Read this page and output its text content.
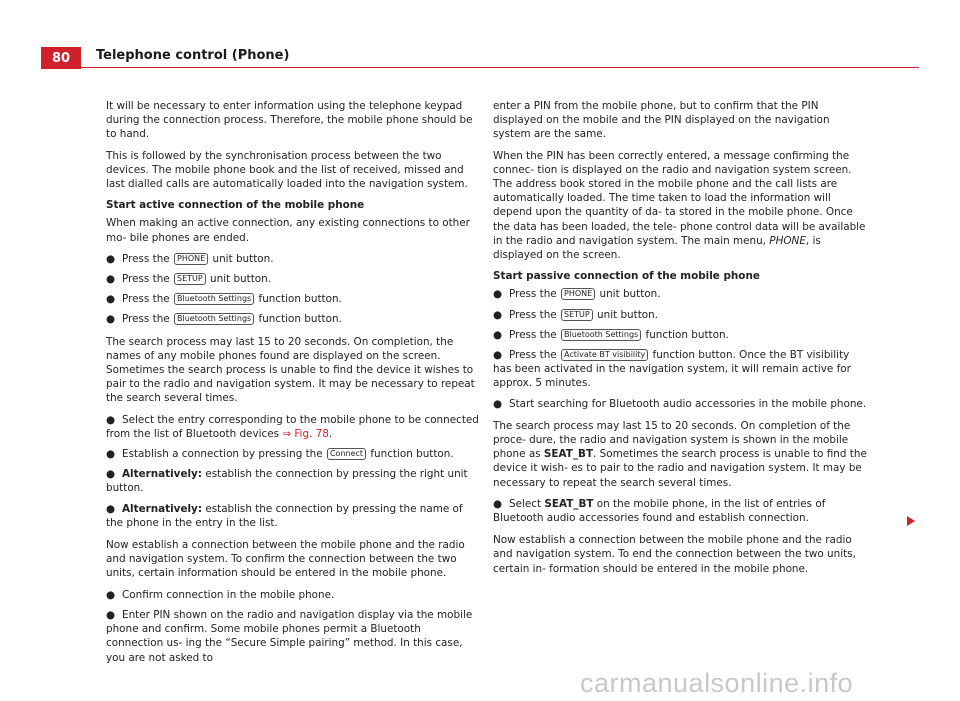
80	Telephone control (Phone)

It will be necessary to enter information using the telephone keypad during the connection process. Therefore, the mobile phone should be to hand.

This is followed by the synchronisation process between the two devices. The mobile phone book and the list of received, missed and last dialled calls are automatically loaded into the navigation system.

Start active connection of the mobile phone

When making an active connection, any existing connections to other mo- bile phones are ended.

● Press the PHONE unit button.
● Press the SETUP unit button.
● Press the Bluetooth Settings function button.
● Press the Bluetooth Settings function button.

The search process may last 15 to 20 seconds. On completion, the names of any mobile phones found are displayed on the screen. Sometimes the search process is unable to find the device it wishes to pair to the radio and navigation system. It may be necessary to repeat the search several times.

● Select the entry corresponding to the mobile phone to be connected from the list of Bluetooth devices ⇒ Fig. 78.
● Establish a connection by pressing the Connect function button.
● Alternatively: establish the connection by pressing the right unit button.
● Alternatively: establish the connection by pressing the name of the phone in the entry in the list.

Now establish a connection between the mobile phone and the radio and navigation system. To confirm the connection between the two units, certain information should be entered in the mobile phone.

● Confirm connection in the mobile phone.
● Enter PIN shown on the radio and navigation display via the mobile phone and confirm. Some mobile phones permit a Bluetooth connection us- ing the “Secure Simple pairing” method. In this case, you are not asked to

enter a PIN from the mobile phone, but to confirm that the PIN displayed on the mobile and the PIN displayed on the navigation system are the same.

When the PIN has been correctly entered, a message confirming the connec- tion is displayed on the radio and navigation system screen. The address book stored in the mobile phone and the call lists are automatically loaded. The time taken to load the information will depend upon the quantity of da- ta stored in the mobile phone. Once the data has been loaded, the tele- phone control data will be available in the radio and navigation system. The main menu, PHONE, is displayed on the screen.

Start passive connection of the mobile phone

● Press the PHONE unit button.
● Press the SETUP unit button.
● Press the Bluetooth Settings function button.
● Press the Activate BT visibility function button. Once the BT visibility has been activated in the navigation system, it will remain active for approx. 5 minutes.
● Start searching for Bluetooth audio accessories in the mobile phone.

The search process may last 15 to 20 seconds. On completion of the proce- dure, the radio and navigation system is shown in the mobile phone as SEAT_BT. Sometimes the search process is unable to find the device it wish- es to pair to the radio and navigation system. It may be necessary to repeat the search several times.

● Select SEAT_BT on the mobile phone, in the list of entries of Bluetooth audio accessories found and establish connection.

Now establish a connection between the mobile phone and the radio and navigation system. To end the connection between the two units, certain in- formation should be entered in the mobile phone.

carmanualsonline.info
